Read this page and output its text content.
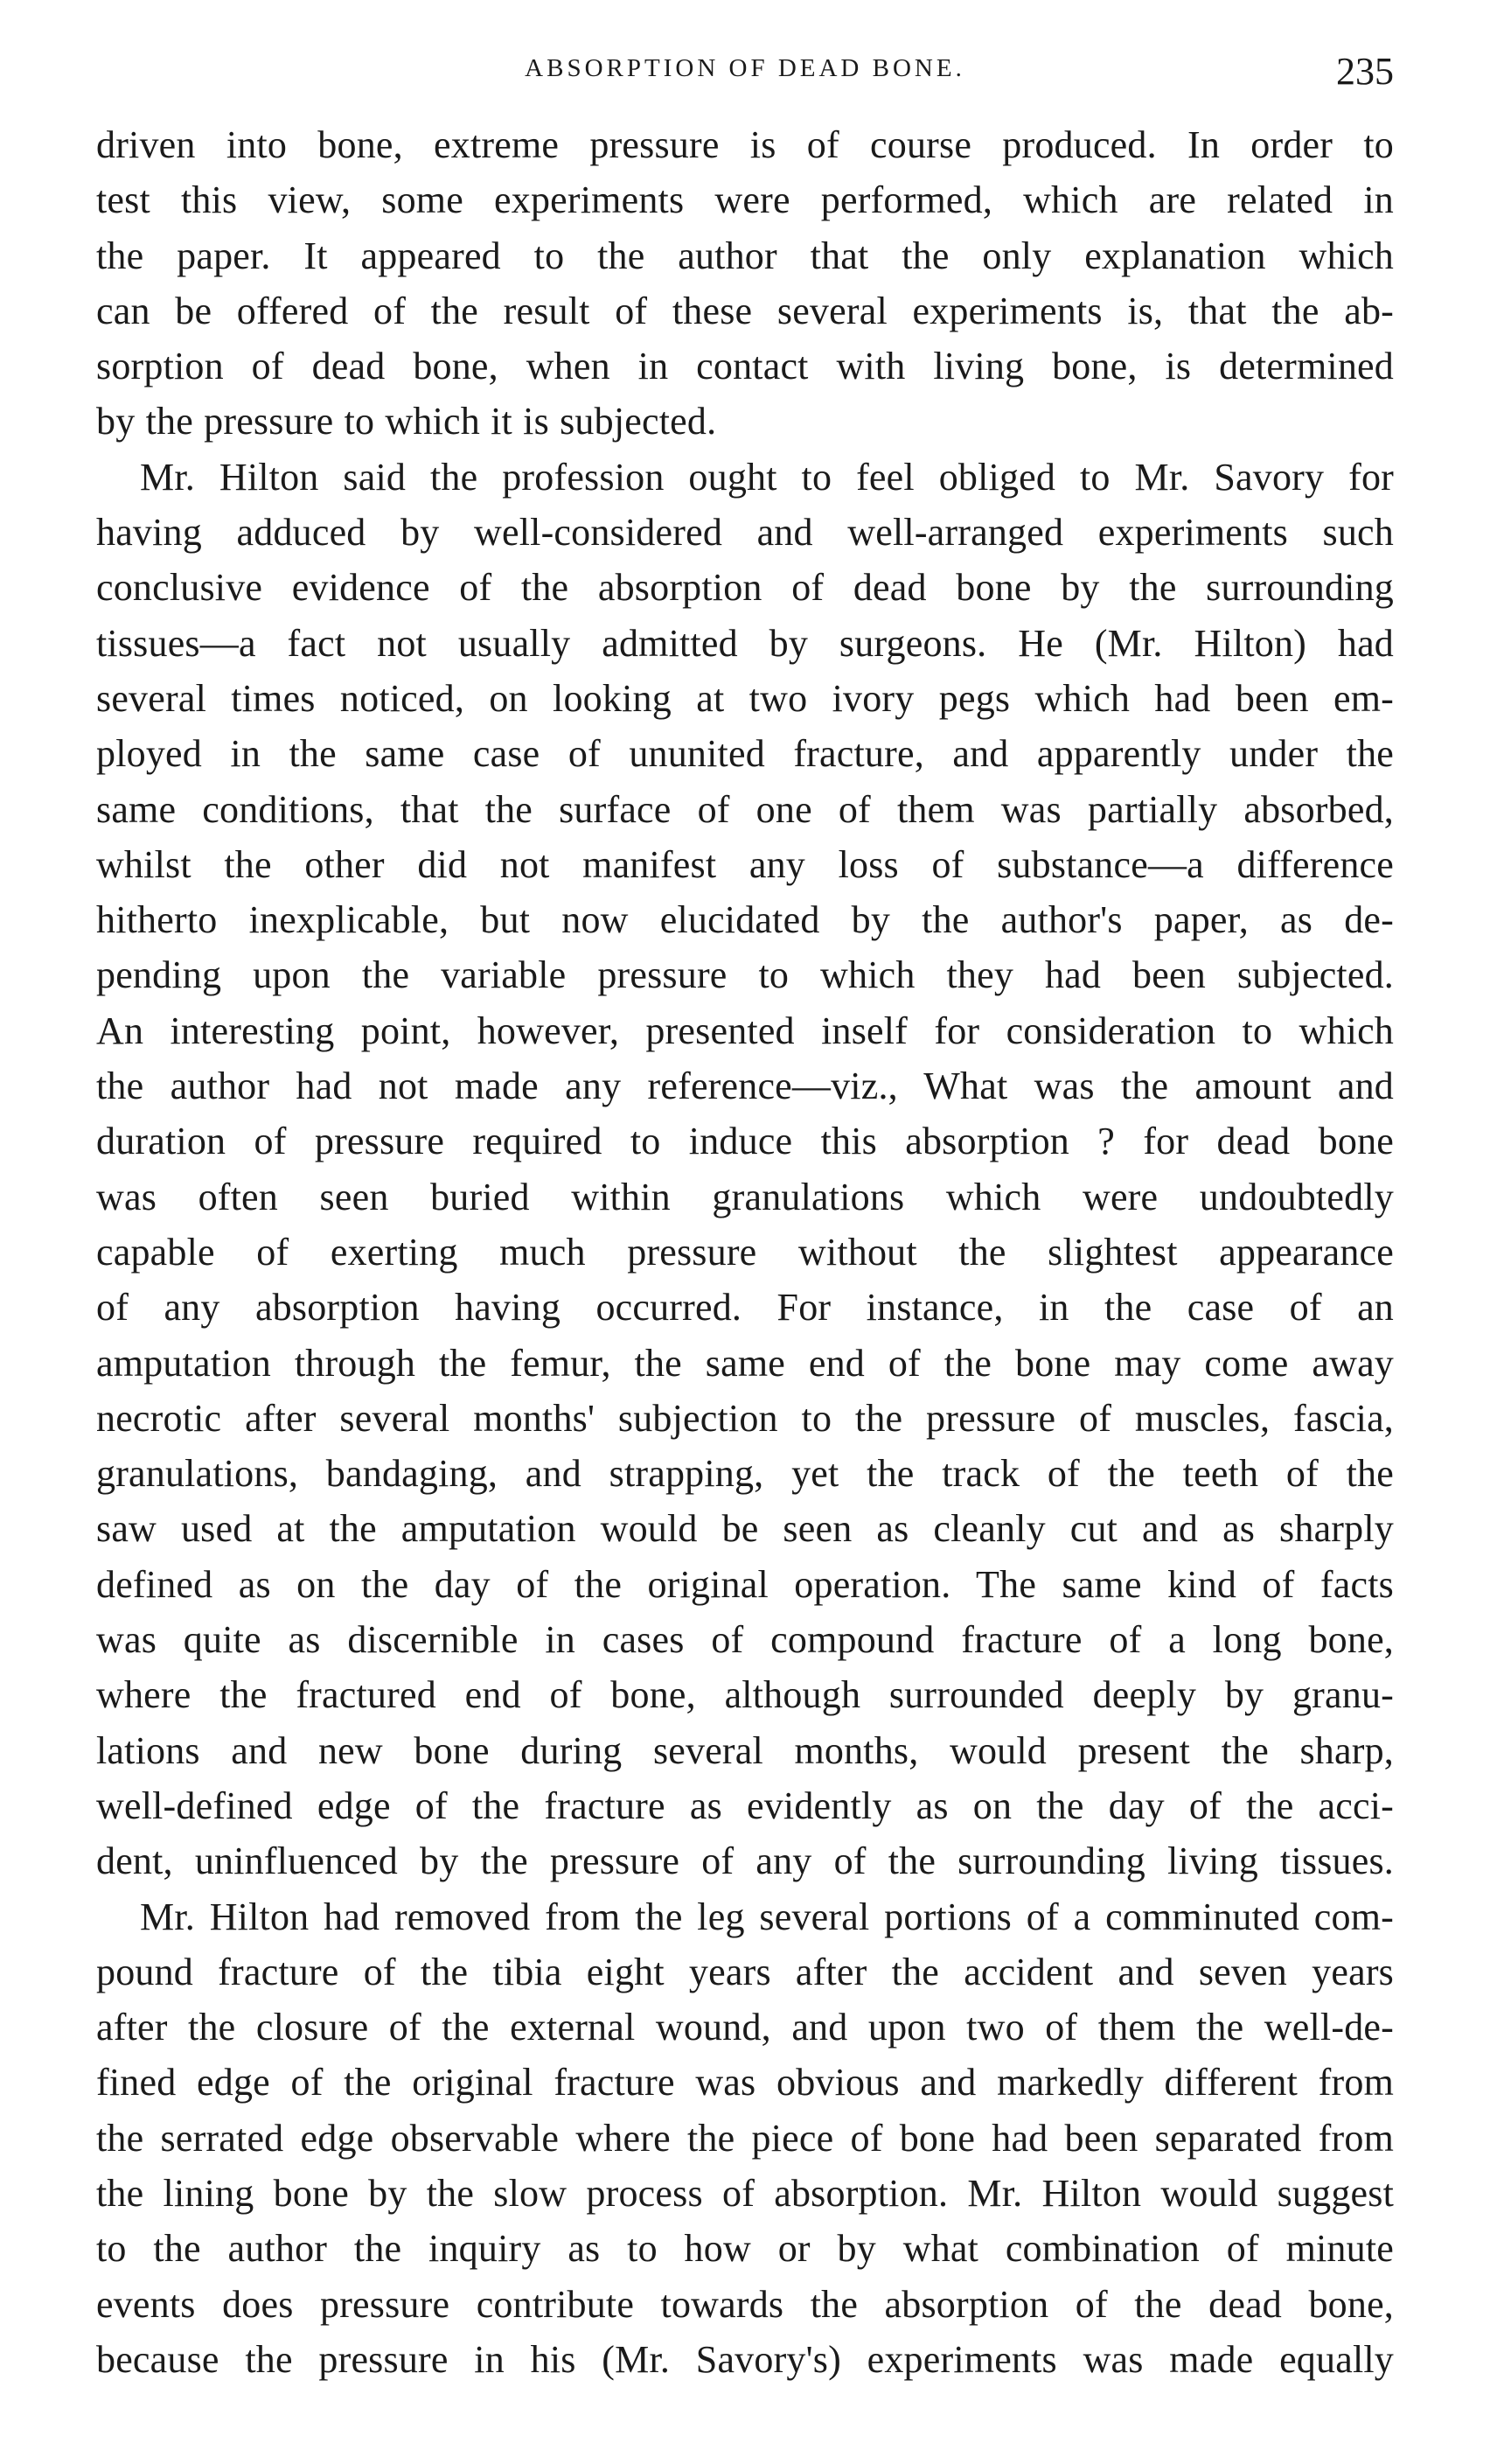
ABSORPTION OF DEAD BONE.	235

driven into bone, extreme pressure is of course produced. In order to

test this view, some experiments were performed, which are related in

the paper. It appeared to the author that the only explanation which

can be offered of the result of these several experiments is, that the ab-

sorption of dead bone, when in contact with living bone, is determined

by the pressure to which it is subjected.

Mr. Hilton said the profession ought to feel obliged to Mr. Savory for

having adduced by well-considered and well-arranged experiments such

conclusive evidence of the absorption of dead bone by the surrounding

tissues—a fact not usually admitted by surgeons. He (Mr. Hilton) had

several times noticed, on looking at two ivory pegs which had been em-

ployed in the same case of ununited fracture, and apparently under the

same conditions, that the surface of one of them was partially absorbed,

whilst the other did not manifest any loss of substance—a difference

hitherto inexplicable, but now elucidated by the author's paper, as de-

pending upon the variable pressure to which they had been subjected.

An interesting point, however, presented inself for consideration to which

the author had not made any reference—viz., What was the amount and

duration of pressure required to induce this absorption ? for dead bone

was often seen buried within granulations which were undoubtedly

capable of exerting much pressure without the slightest appearance

of any absorption having occurred. For instance, in the case of an

amputation through the femur, the same end of the bone may come away

necrotic after several months' subjection to the pressure of muscles, fascia,

granulations, bandaging, and strapping, yet the track of the teeth of the

saw used at the amputation would be seen as cleanly cut and as sharply

defined as on the day of the original operation. The same kind of facts

was quite as discernible in cases of compound fracture of a long bone,

where the fractured end of bone, although surrounded deeply by granu-

lations and new bone during several months, would present the sharp,

well-defined edge of the fracture as evidently as on the day of the acci-

dent, uninfluenced by the pressure of any of the surrounding living tissues.

Mr. Hilton had removed from the leg several portions of a comminuted com-

pound fracture of the tibia eight years after the accident and seven years

after the closure of the external wound, and upon two of them the well-de-

fined edge of the original fracture was obvious and markedly different from

the serrated edge observable where the piece of bone had been separated from

the lining bone by the slow process of absorption. Mr. Hilton would suggest

to the author the inquiry as to how or by what combination of minute

events does pressure contribute towards the absorption of the dead bone,

because the pressure in his (Mr. Savory's) experiments was made equally
